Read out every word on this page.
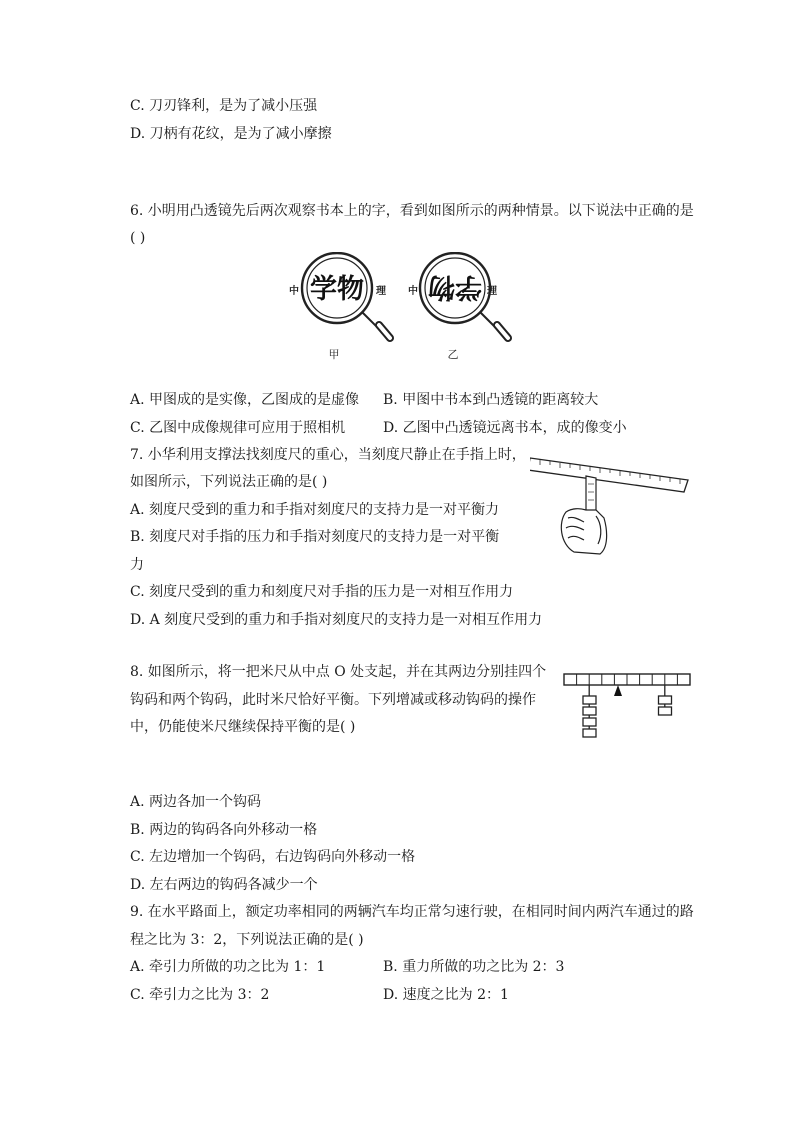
C. 刀刃锋利，是为了减小压强
D. 刀柄有花纹，是为了减小摩擦
6. 小明用凸透镜先后两次观察书本上的字，看到如图所示的两种情景。以下说法中正确的是
( )
中 学物 理
甲
中 学物 理
乙
A. 甲图成的是实像，乙图成的是虚像 B. 甲图中书本到凸透镜的距离较大
C. 乙图中成像规律可应用于照相机	D. 乙图中凸透镜远离书本，成的像变小
7. 小华利用支撑法找刻度尺的重心，当刻度尺静止在手指上时，
如图所示，下列说法正确的是( )
A. 刻度尺受到的重力和手指对刻度尺的支持力是一对平衡力
B. 刻度尺对手指的压力和手指对刻度尺的支持力是一对平衡
力
C. 刻度尺受到的重力和刻度尺对手指的压力是一对相互作用力
D. A 刻度尺受到的重力和手指对刻度尺的支持力是一对相互作用力
8. 如图所示，将一把米尺从中点 O 处支起，并在其两边分别挂四个
钩码和两个钩码，此时米尺恰好平衡。下列增减或移动钩码的操作
中，仍能使米尺继续保持平衡的是( )
A. 两边各加一个钩码
B. 两边的钩码各向外移动一格
C. 左边增加一个钩码，右边钩码向外移动一格
D. 左右两边的钩码各减少一个
9. 在水平路面上，额定功率相同的两辆汽车均正常匀速行驶，在相同时间内两汽车通过的路
程之比为 3：2，下列说法正确的是( )
A. 牵引力所做的功之比为 1：1	B. 重力所做的功之比为 2：3
C. 牵引力之比为 3：2	D. 速度之比为 2：1
